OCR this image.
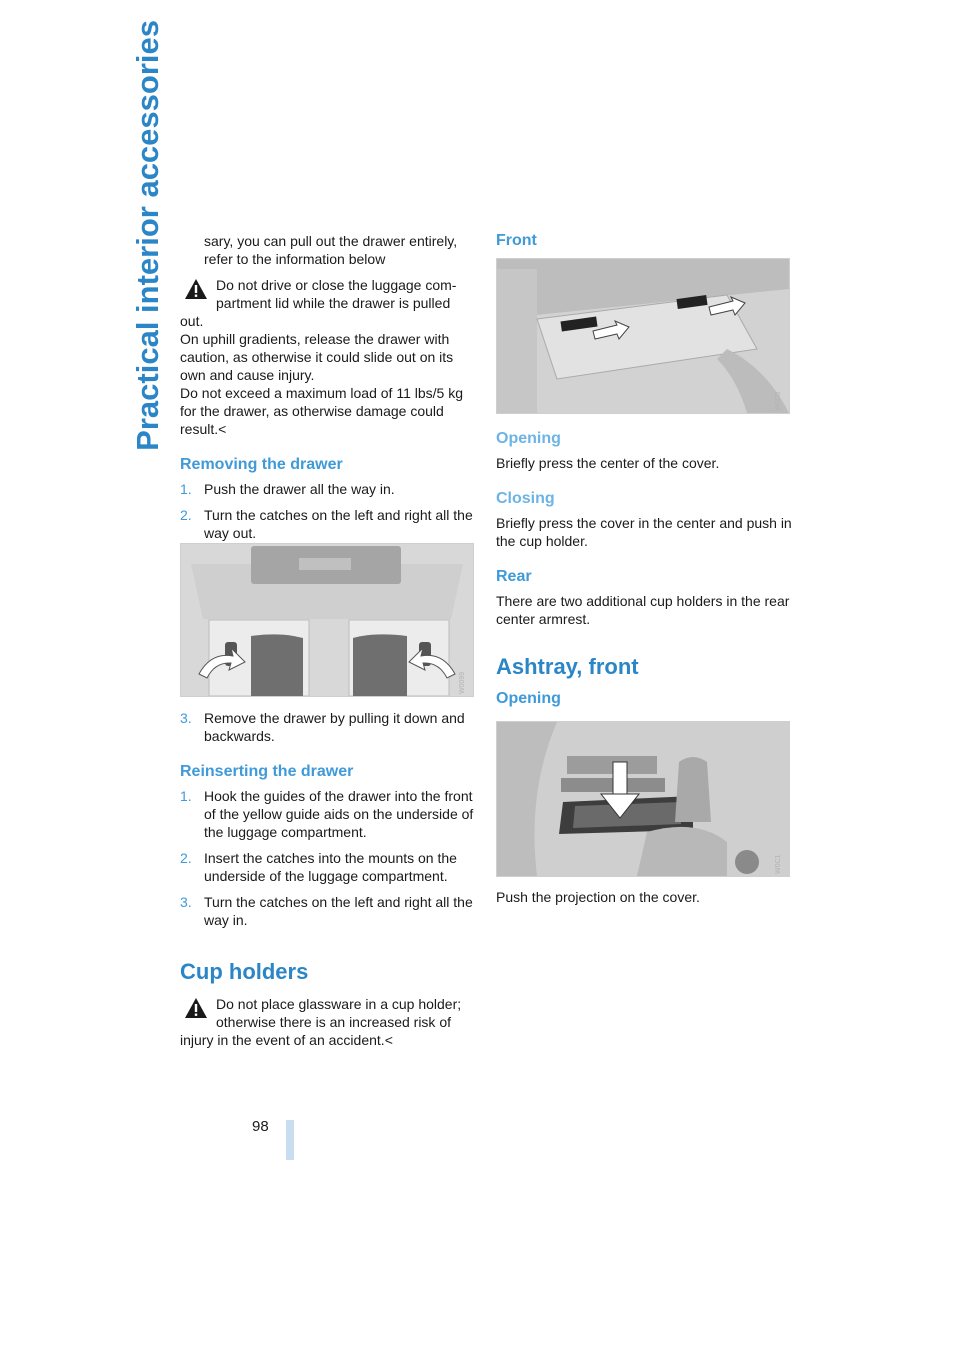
Practical interior accessories
98
sary, you can pull out the drawer entirely,
refer to the information below
Do not drive or close the luggage com-
partment lid while the drawer is pulled
out.
On uphill gradients, release the drawer with caution, as otherwise it could slide out on its own and cause injury.
Do not exceed a maximum load of 11 lbs/5 kg for the drawer, as otherwise damage could result.<
Removing the drawer
1. Push the drawer all the way in.
2. Turn the catches on the left and right all the way out.
W0099
3. Remove the drawer by pulling it down and backwards.
Reinserting the drawer
1. Hook the guides of the drawer into the front of the yellow guide aids on the underside of the luggage compartment.
2. Insert the catches into the mounts on the underside of the luggage compartment.
3. Turn the catches on the left and right all the way in.
Cup holders
Do not place glassware in a cup holder;
otherwise there is an increased risk of
injury in the event of an accident.<
Front
W0C0
Opening

Briefly press the center of the cover.

Closing

Briefly press the cover in the center and push in the cup holder.

Rear

There are two additional cup holders in the rear center armrest.

Ashtray, front
Opening
W0C1

Push the projection on the cover.
